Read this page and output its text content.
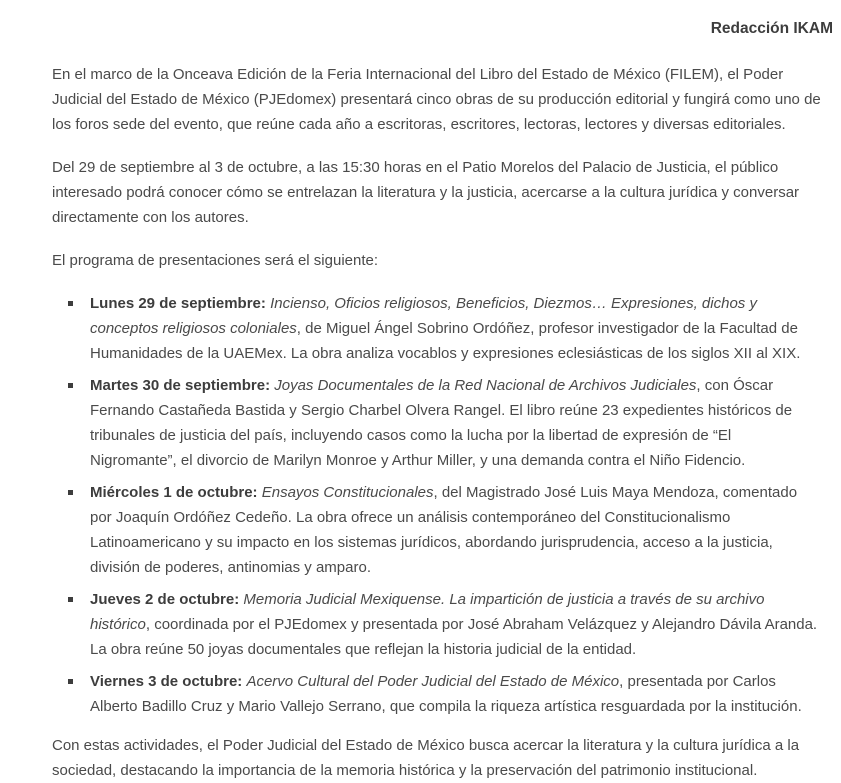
Redacción IKAM

En el marco de la Onceava Edición de la Feria Internacional del Libro del Estado de México (FILEM), el Poder Judicial del Estado de México (PJEdomex) presentará cinco obras de su producción editorial y fungirá como uno de los foros sede del evento, que reúne cada año a escritoras, escritores, lectoras, lectores y diversas editoriales.

Del 29 de septiembre al 3 de octubre, a las 15:30 horas en el Patio Morelos del Palacio de Justicia, el público interesado podrá conocer cómo se entrelazan la literatura y la justicia, acercarse a la cultura jurídica y conversar directamente con los autores.

El programa de presentaciones será el siguiente:

Lunes 29 de septiembre: Incienso, Oficios religiosos, Beneficios, Diezmos… Expresiones, dichos y conceptos religiosos coloniales, de Miguel Ángel Sobrino Ordóñez, profesor investigador de la Facultad de Humanidades de la UAEMex. La obra analiza vocablos y expresiones eclesiásticas de los siglos XII al XIX.
Martes 30 de septiembre: Joyas Documentales de la Red Nacional de Archivos Judiciales, con Óscar Fernando Castañeda Bastida y Sergio Charbel Olvera Rangel. El libro reúne 23 expedientes históricos de tribunales de justicia del país, incluyendo casos como la lucha por la libertad de expresión de “El Nigromante”, el divorcio de Marilyn Monroe y Arthur Miller, y una demanda contra el Niño Fidencio.
Miércoles 1 de octubre: Ensayos Constitucionales, del Magistrado José Luis Maya Mendoza, comentado por Joaquín Ordóñez Cedeño. La obra ofrece un análisis contemporáneo del Constitucionalismo Latinoamericano y su impacto en los sistemas jurídicos, abordando jurisprudencia, acceso a la justicia, división de poderes, antinomias y amparo.
Jueves 2 de octubre: Memoria Judicial Mexiquense. La impartición de justicia a través de su archivo histórico, coordinada por el PJEdomex y presentada por José Abraham Velázquez y Alejandro Dávila Aranda. La obra reúne 50 joyas documentales que reflejan la historia judicial de la entidad.
Viernes 3 de octubre: Acervo Cultural del Poder Judicial del Estado de México, presentada por Carlos Alberto Badillo Cruz y Mario Vallejo Serrano, que compila la riqueza artística resguardada por la institución.

Con estas actividades, el Poder Judicial del Estado de México busca acercar la literatura y la cultura jurídica a la sociedad, destacando la importancia de la memoria histórica y la preservación del patrimonio institucional.
